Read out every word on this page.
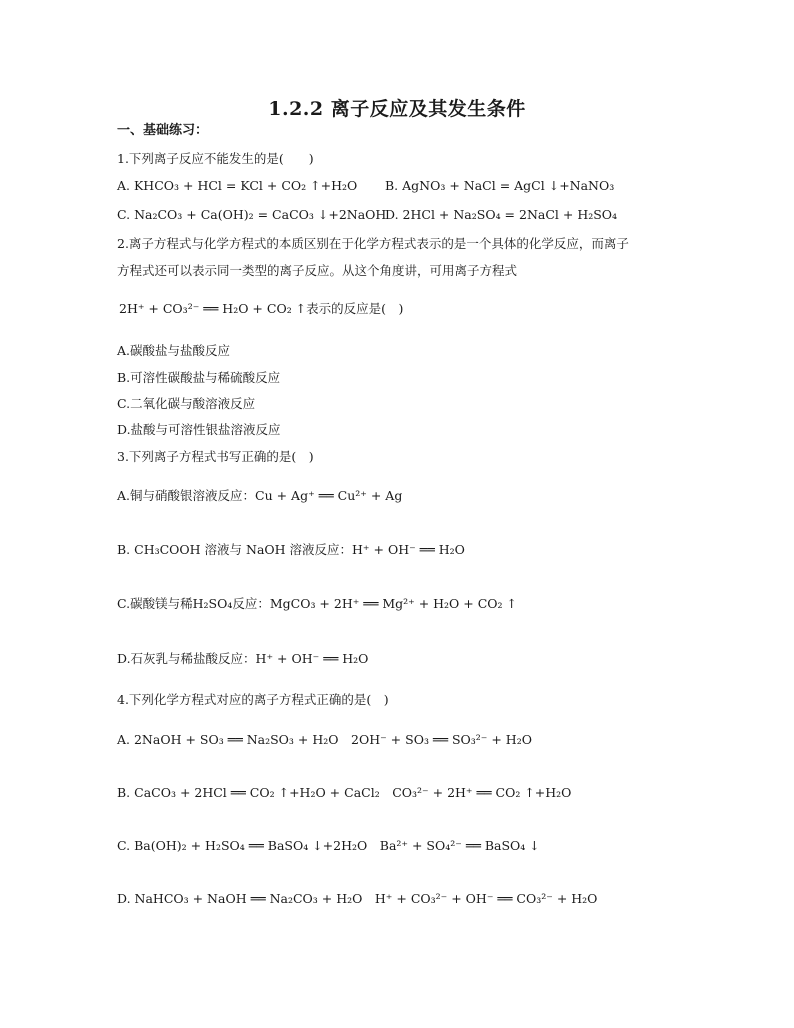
1.2.2 离子反应及其发生条件
一、基础练习：
1.下列离子反应不能发生的是(　　)
A. KHCO₃ + HCl = KCl + CO₂ ↑+H₂O B. AgNO₃ + NaCl = AgCl ↓+NaNO₃
C. Na₂CO₃ + Ca(OH)₂ = CaCO₃ ↓+2NaOH
D. 2HCl + Na₂SO₄ = 2NaCl + H₂SO₄
2.离子方程式与化学方程式的本质区别在于化学方程式表示的是一个具体的化学反应，而离子
方程式还可以表示同一类型的离子反应。从这个角度讲，可用离子方程式
2H⁺ + CO₃²⁻ ══ H₂O + CO₂ ↑表示的反应是(　)
A.碳酸盐与盐酸反应
B.可溶性碳酸盐与稀硫酸反应
C.二氧化碳与酸溶液反应
D.盐酸与可溶性银盐溶液反应
3.下列离子方程式书写正确的是(　)
A.铜与硝酸银溶液反应：Cu + Ag⁺ ══ Cu²⁺ + Ag
B. CH₃COOH 溶液与 NaOH 溶液反应：H⁺ + OH⁻ ══ H₂O
C.碳酸镁与稀H₂SO₄反应：MgCO₃ + 2H⁺ ══ Mg²⁺ + H₂O + CO₂ ↑
D.石灰乳与稀盐酸反应：H⁺ + OH⁻ ══ H₂O
4.下列化学方程式对应的离子方程式正确的是(　)
A. 2NaOH + SO₃ ══ Na₂SO₃ + H₂O　2OH⁻ + SO₃ ══ SO₃²⁻ + H₂O
B. CaCO₃ + 2HCl ══ CO₂ ↑+H₂O + CaCl₂　CO₃²⁻ + 2H⁺ ══ CO₂ ↑+H₂O
C. Ba(OH)₂ + H₂SO₄ ══ BaSO₄ ↓+2H₂O　Ba²⁺ + SO₄²⁻ ══ BaSO₄ ↓
D. NaHCO₃ + NaOH ══ Na₂CO₃ + H₂O　H⁺ + CO₃²⁻ + OH⁻ ══ CO₃²⁻ + H₂O
